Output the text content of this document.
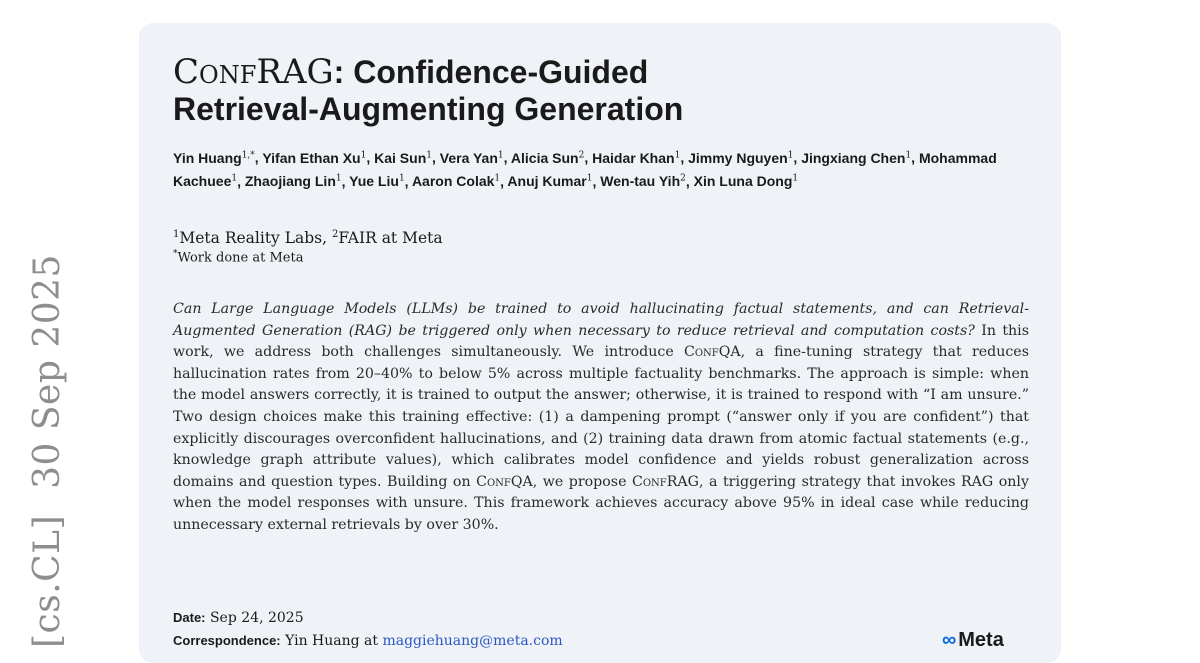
[cs.CL]30 Sep 2025
ConfRAG: Confidence-Guided
Retrieval-Augmenting Generation
Yin Huang$^{1,*}$, Yifan Ethan Xu$^1$, Kai Sun$^1$, Vera Yan$^1$, Alicia Sun$^2$, Haidar Khan$^1$, Jimmy Nguyen$^1$, Jingxiang Chen$^1$, Mohammad Kachuee$^1$, Zhaojiang Lin$^1$, Yue Liu$^1$, Aaron Colak$^1$, Anuj Kumar$^1$, Wen-tau Yih$^2$, Xin Luna Dong$^1$
$^1$Meta Reality Labs, $^2$FAIR at Meta
*Work done at Meta
Can Large Language Models (LLMs) be trained to avoid hallucinating factual statements, and can Retrieval-Augmented Generation (RAG) be triggered only when necessary to reduce retrieval and computation costs? In this work, we address both challenges simultaneously. We introduce ConfQA, a fine-tuning strategy that reduces hallucination rates from 20–40% to below 5% across multiple factuality benchmarks. The approach is simple: when the model answers correctly, it is trained to output the answer; otherwise, it is trained to respond with “I am unsure.” Two design choices make this training effective: (1) a dampening prompt (“answer only if you are confident”) that explicitly discourages overconfident hallucinations, and (2) training data drawn from atomic factual statements (e.g., knowledge graph attribute values), which calibrates model confidence and yields robust generalization across domains and question types. Building on ConfQA, we propose ConfRAG, a triggering strategy that invokes RAG only when the model responses with unsure. This framework achieves accuracy above 95% in ideal case while reducing unnecessary external retrievals by over 30%.
Date: Sep 24, 2025
Correspondence: Yin Huang at maggiehuang@meta.com	∞ Meta
